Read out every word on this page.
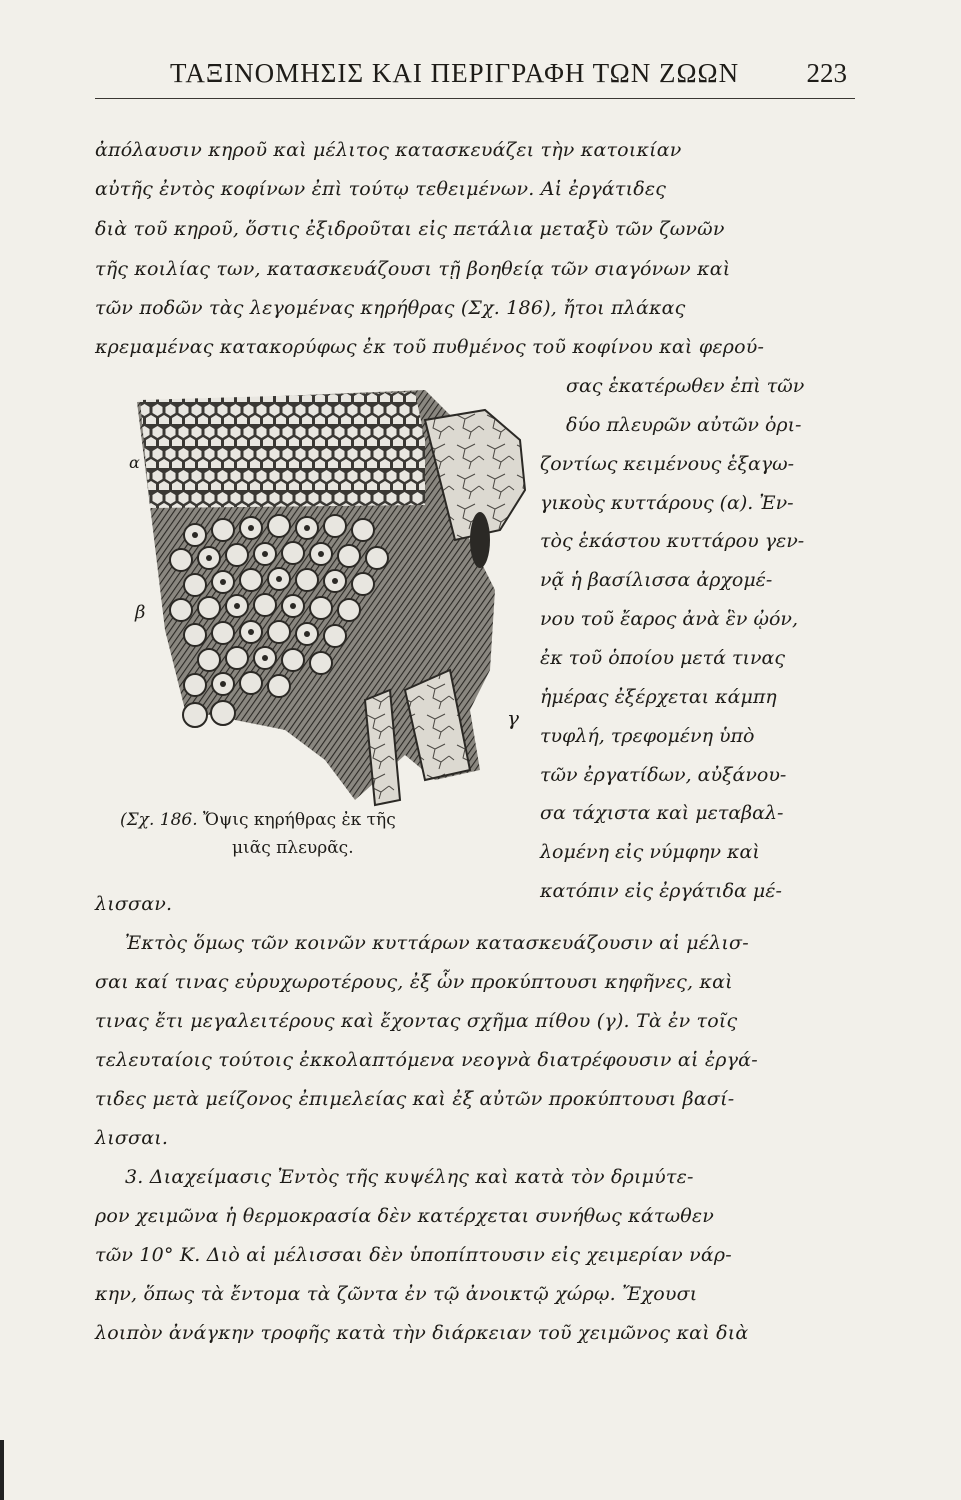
ΤΑΞΙΝΟΜΗΣΙΣ ΚΑΙ ΠΕΡΙΓΡΑΦΗ ΤΩΝ ΖΩΩΝ 223
ἀπόλαυσιν κηροῦ καὶ μέλιτος κατασκευάζει τὴν κατοικίαν
αὐτῆς ἐντὸς κοφίνων ἐπὶ τούτῳ τεθειμένων. Αἱ ἐργάτιδες
διὰ τοῦ κηροῦ, ὅστις ἐξιδροῦται εἰς πετάλια μεταξὺ τῶν ζωνῶν
τῆς κοιλίας των, κατασκευάζουσι τῇ βοηθείᾳ τῶν σιαγόνων καὶ
τῶν ποδῶν τὰς λεγομένας κηρήθρας (Σχ. 186), ἤτοι πλάκας
κρεμαμένας κατακορύφως ἐκ τοῦ πυθμένος τοῦ κοφίνου καὶ φερού-
σας ἑκατέρωθεν ἐπὶ τῶν
δύο πλευρῶν αὐτῶν ὁρι-
ζοντίως κειμένους ἑξαγω-
γικοὺς κυττάρους (α). Ἐν-
τὸς ἑκάστου κυττάρου γεν-
νᾷ ἡ βασίλισσα ἀρχομέ-
νου τοῦ ἔαρος ἀνὰ ἓν ᾠόν,
ἐκ τοῦ ὁποίου μετά τινας
ἡμέρας ἐξέρχεται κάμπη
τυφλή, τρεφομένη ὑπὸ
τῶν ἐργατίδων, αὐξάνου-
σα τάχιστα καὶ μεταβαλ-
λομένη εἰς νύμφην καὶ
κατόπιν εἰς ἐργάτιδα μέ-
α
β
γ
(Σχ. 186. Ὄψις κηρήθρας ἐκ τῆς
μιᾶς πλευρᾶς.
λισσαν.
Ἐκτὸς ὅμως τῶν κοινῶν κυττάρων κατασκευάζουσιν αἱ μέλισ-
σαι καί τινας εὐρυχωροτέρους, ἐξ ὧν προκύπτουσι κηφῆνες, καὶ
τινας ἔτι μεγαλειτέρους καὶ ἔχοντας σχῆμα πίθου (γ). Τὰ ἐν τοῖς
τελευταίοις τούτοις ἐκκολαπτόμενα νεογνὰ διατρέφουσιν αἱ ἐργά-
τιδες μετὰ μείζονος ἐπιμελείας καὶ ἐξ αὐτῶν προκύπτουσι βασί-
λισσαι.
3. Διαχείμασις Ἐντὸς τῆς κυψέλης καὶ κατὰ τὸν δριμύτε-
ρον χειμῶνα ἡ θερμοκρασία δὲν κατέρχεται συνήθως κάτωθεν
τῶν 10° Κ. Διὸ αἱ μέλισσαι δὲν ὑποπίπτουσιν εἰς χειμερίαν νάρ-
κην, ὅπως τὰ ἔντομα τὰ ζῶντα ἐν τῷ ἀνοικτῷ χώρῳ. Ἔχουσι
λοιπὸν ἀνάγκην τροφῆς κατὰ τὴν διάρκειαν τοῦ χειμῶνος καὶ διὰ
